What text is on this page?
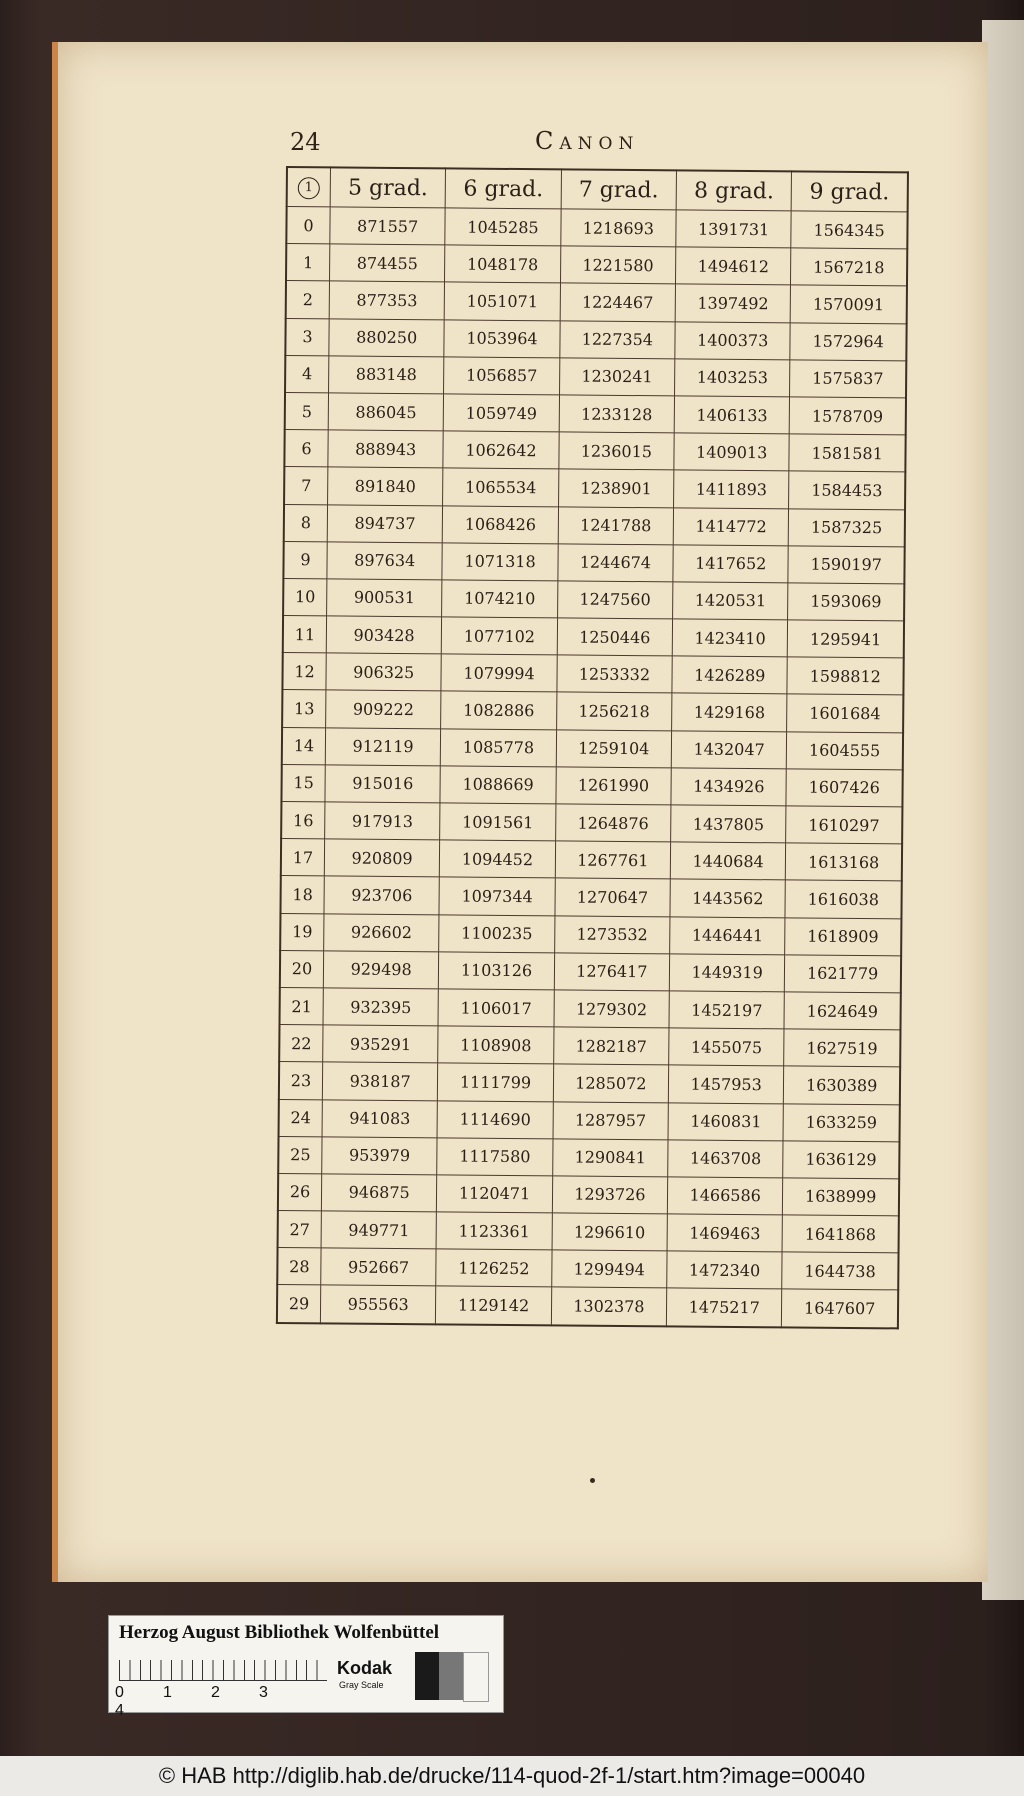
24	Canon
1	5 grad.	6 grad.	7 grad.	8 grad.	9 grad.
0	871557	1045285	1218693	1391731	1564345
1	874455	1048178	1221580	1494612	1567218
2	877353	1051071	1224467	1397492	1570091
3	880250	1053964	1227354	1400373	1572964
4	883148	1056857	1230241	1403253	1575837
5	886045	1059749	1233128	1406133	1578709
6	888943	1062642	1236015	1409013	1581581
7	891840	1065534	1238901	1411893	1584453
8	894737	1068426	1241788	1414772	1587325
9	897634	1071318	1244674	1417652	1590197
10	900531	1074210	1247560	1420531	1593069
11	903428	1077102	1250446	1423410	1295941
12	906325	1079994	1253332	1426289	1598812
13	909222	1082886	1256218	1429168	1601684
14	912119	1085778	1259104	1432047	1604555
15	915016	1088669	1261990	1434926	1607426
16	917913	1091561	1264876	1437805	1610297
17	920809	1094452	1267761	1440684	1613168
18	923706	1097344	1270647	1443562	1616038
19	926602	1100235	1273532	1446441	1618909
20	929498	1103126	1276417	1449319	1621779
21	932395	1106017	1279302	1452197	1624649
22	935291	1108908	1282187	1455075	1627519
23	938187	1111799	1285072	1457953	1630389
24	941083	1114690	1287957	1460831	1633259
25	953979	1117580	1290841	1463708	1636129
26	946875	1120471	1293726	1466586	1638999
27	949771	1123361	1296610	1469463	1641868
28	952667	1126252	1299494	1472340	1644738
29	955563	1129142	1302378	1475217	1647607
Herzog August Bibliothek Wolfenbüttel
0 1 2 34
Kodak
Gray Scale
© HAB http://diglib.hab.de/drucke/114-quod-2f-1/start.htm?image=00040
